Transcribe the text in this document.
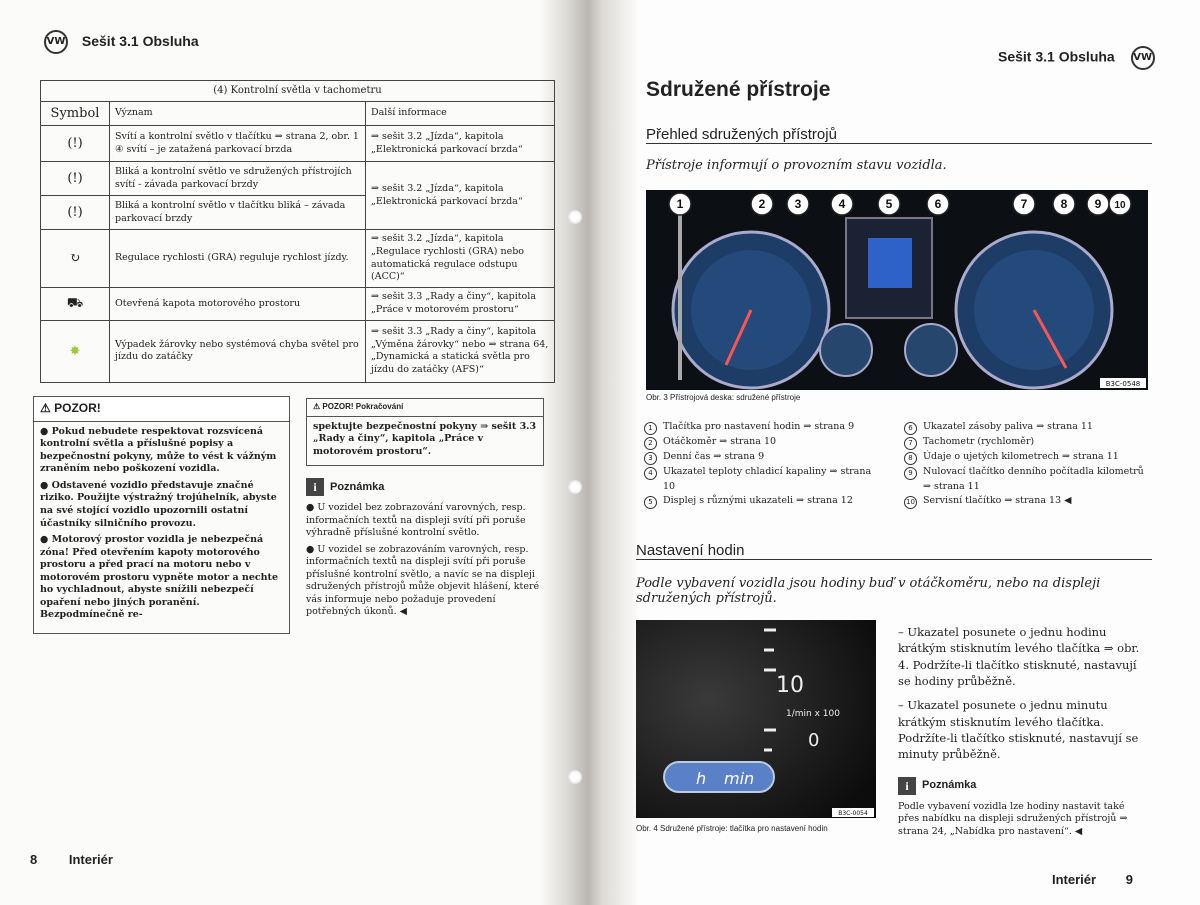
VW Sešit 3.1 Obsluha
(4) Kontrolní světla v tachometru		
Symbol	Význam	Další informace
(!)	Svítí a kontrolní světlo v tlačítku ⇒ strana 2, obr. 1 ④ svítí – je zatažená parkovací brzda	⇒ sešit 3.2 „Jízda“, kapitola „Elektronická parkovací brzda“
(!)	Bliká a kontrolní světlo ve sdružených přístrojích svítí - závada parkovací brzdy	⇒ sešit 3.2 „Jízda“, kapitola „Elektronická parkovací brzda“
(!)	Bliká a kontrolní světlo v tlačítku bliká – závada parkovací brzdy	
↻	Regulace rychlosti (GRA) reguluje rychlost jízdy.	⇒ sešit 3.2 „Jízda“, kapitola „Regulace rychlosti (GRA) nebo automatická regulace odstupu (ACC)“
⛟	Otevřená kapota motorového prostoru	⇒ sešit 3.3 „Rady a činy“, kapitola „Práce v motorovém prostoru“
✸	Výpadek žárovky nebo systémová chyba světel pro jízdu do zatáčky	⇒ sešit 3.3 „Rady a činy“, kapitola „Výměna žárovky“ nebo ⇒ strana 64, „Dynamická a statická světla pro jízdu do zatáčky (AFS)“
⚠ POZOR!

● Pokud nebudete respektovat rozsvícená kontrolní světla a příslušné popisy a bezpečnostní pokyny, může to vést k vážným zraněním nebo poškození vozidla.

● Odstavené vozidlo představuje značné riziko. Použijte výstražný trojúhelník, abyste na své stojící vozidlo upozornili ostatní účastníky silničního provozu.

● Motorový prostor vozidla je nebezpečná zóna! Před otevřením kapoty motorového prostoru a před prací na motoru nebo v motorovém prostoru vypněte motor a nechte ho vychladnout, abyste snížili nebezpečí opaření nebo jiných poranění. Bezpodmínečně re-

⚠ POZOR! Pokračování
spektujte bezpečnostní pokyny ⇒ sešit 3.3 „Rady a činy“, kapitola „Práce v motorovém prostoru“.
i	Poznámka

● U vozidel bez zobrazování varovných, resp. informačních textů na displeji svítí při poruše výhradně příslušné kontrolní světlo.

● U vozidel se zobrazováním varovných, resp. informačních textů na displeji svítí při poruše příslušné kontrolní světlo, a navíc se na displeji sdružených přístrojů může objevit hlášení, které vás informuje nebo požaduje provedení potřebných úkonů. ◀

8 Interiér
Sešit 3.1 Obsluha VW
Sdružené přístroje
Přehled sdružených přístrojů
Přístroje informují o provozním stavu vozidla.
1	2 3	4	5	6	7	8 9 10
B3C-0548
Obr. 3 Přístrojová deska: sdružené přístroje
1	Tlačítka pro nastavení hodin ⇒ strana 9
2	Otáčkoměr ⇒ strana 10
3	Denní čas ⇒ strana 9
4	Ukazatel teploty chladicí kapaliny ⇒ strana 10
5	Displej s různými ukazateli ⇒ strana 12
6	Ukazatel zásoby paliva ⇒ strana 11
7	Tachometr (rychloměr)
8	Údaje o ujetých kilometrech ⇒ strana 11
9	Nulovací tlačítko denního počítadla kilometrů ⇒ strana 11
10 Servisní tlačítko ⇒ strana 13 ◀
Nastavení hodin
Podle vybavení vozidla jsou hodiny buď v otáčkoměru, nebo na displeji sdružených přístrojů.
10
1/min x 100
0
h min
B3C-0054
Obr. 4 Sdružené přístroje: tlačítka pro nastavení hodin

– Ukazatel posunete o jednu hodinu krátkým stisknutím levého tlačítka ⇒ obr. 4. Podržíte-li tlačítko stisknuté, nastavují se hodiny průběžně.

– Ukazatel posunete o jednu minutu krátkým stisknutím levého tlačítka. Podržíte-li tlačítko stisknuté, nastavují se minuty průběžně.

i	Poznámka
Podle vybavení vozidla lze hodiny nastavit také přes nabídku na displeji sdružených přístrojů ⇒ strana 24, „Nabídka pro nastavení“. ◀
Interiér 9
